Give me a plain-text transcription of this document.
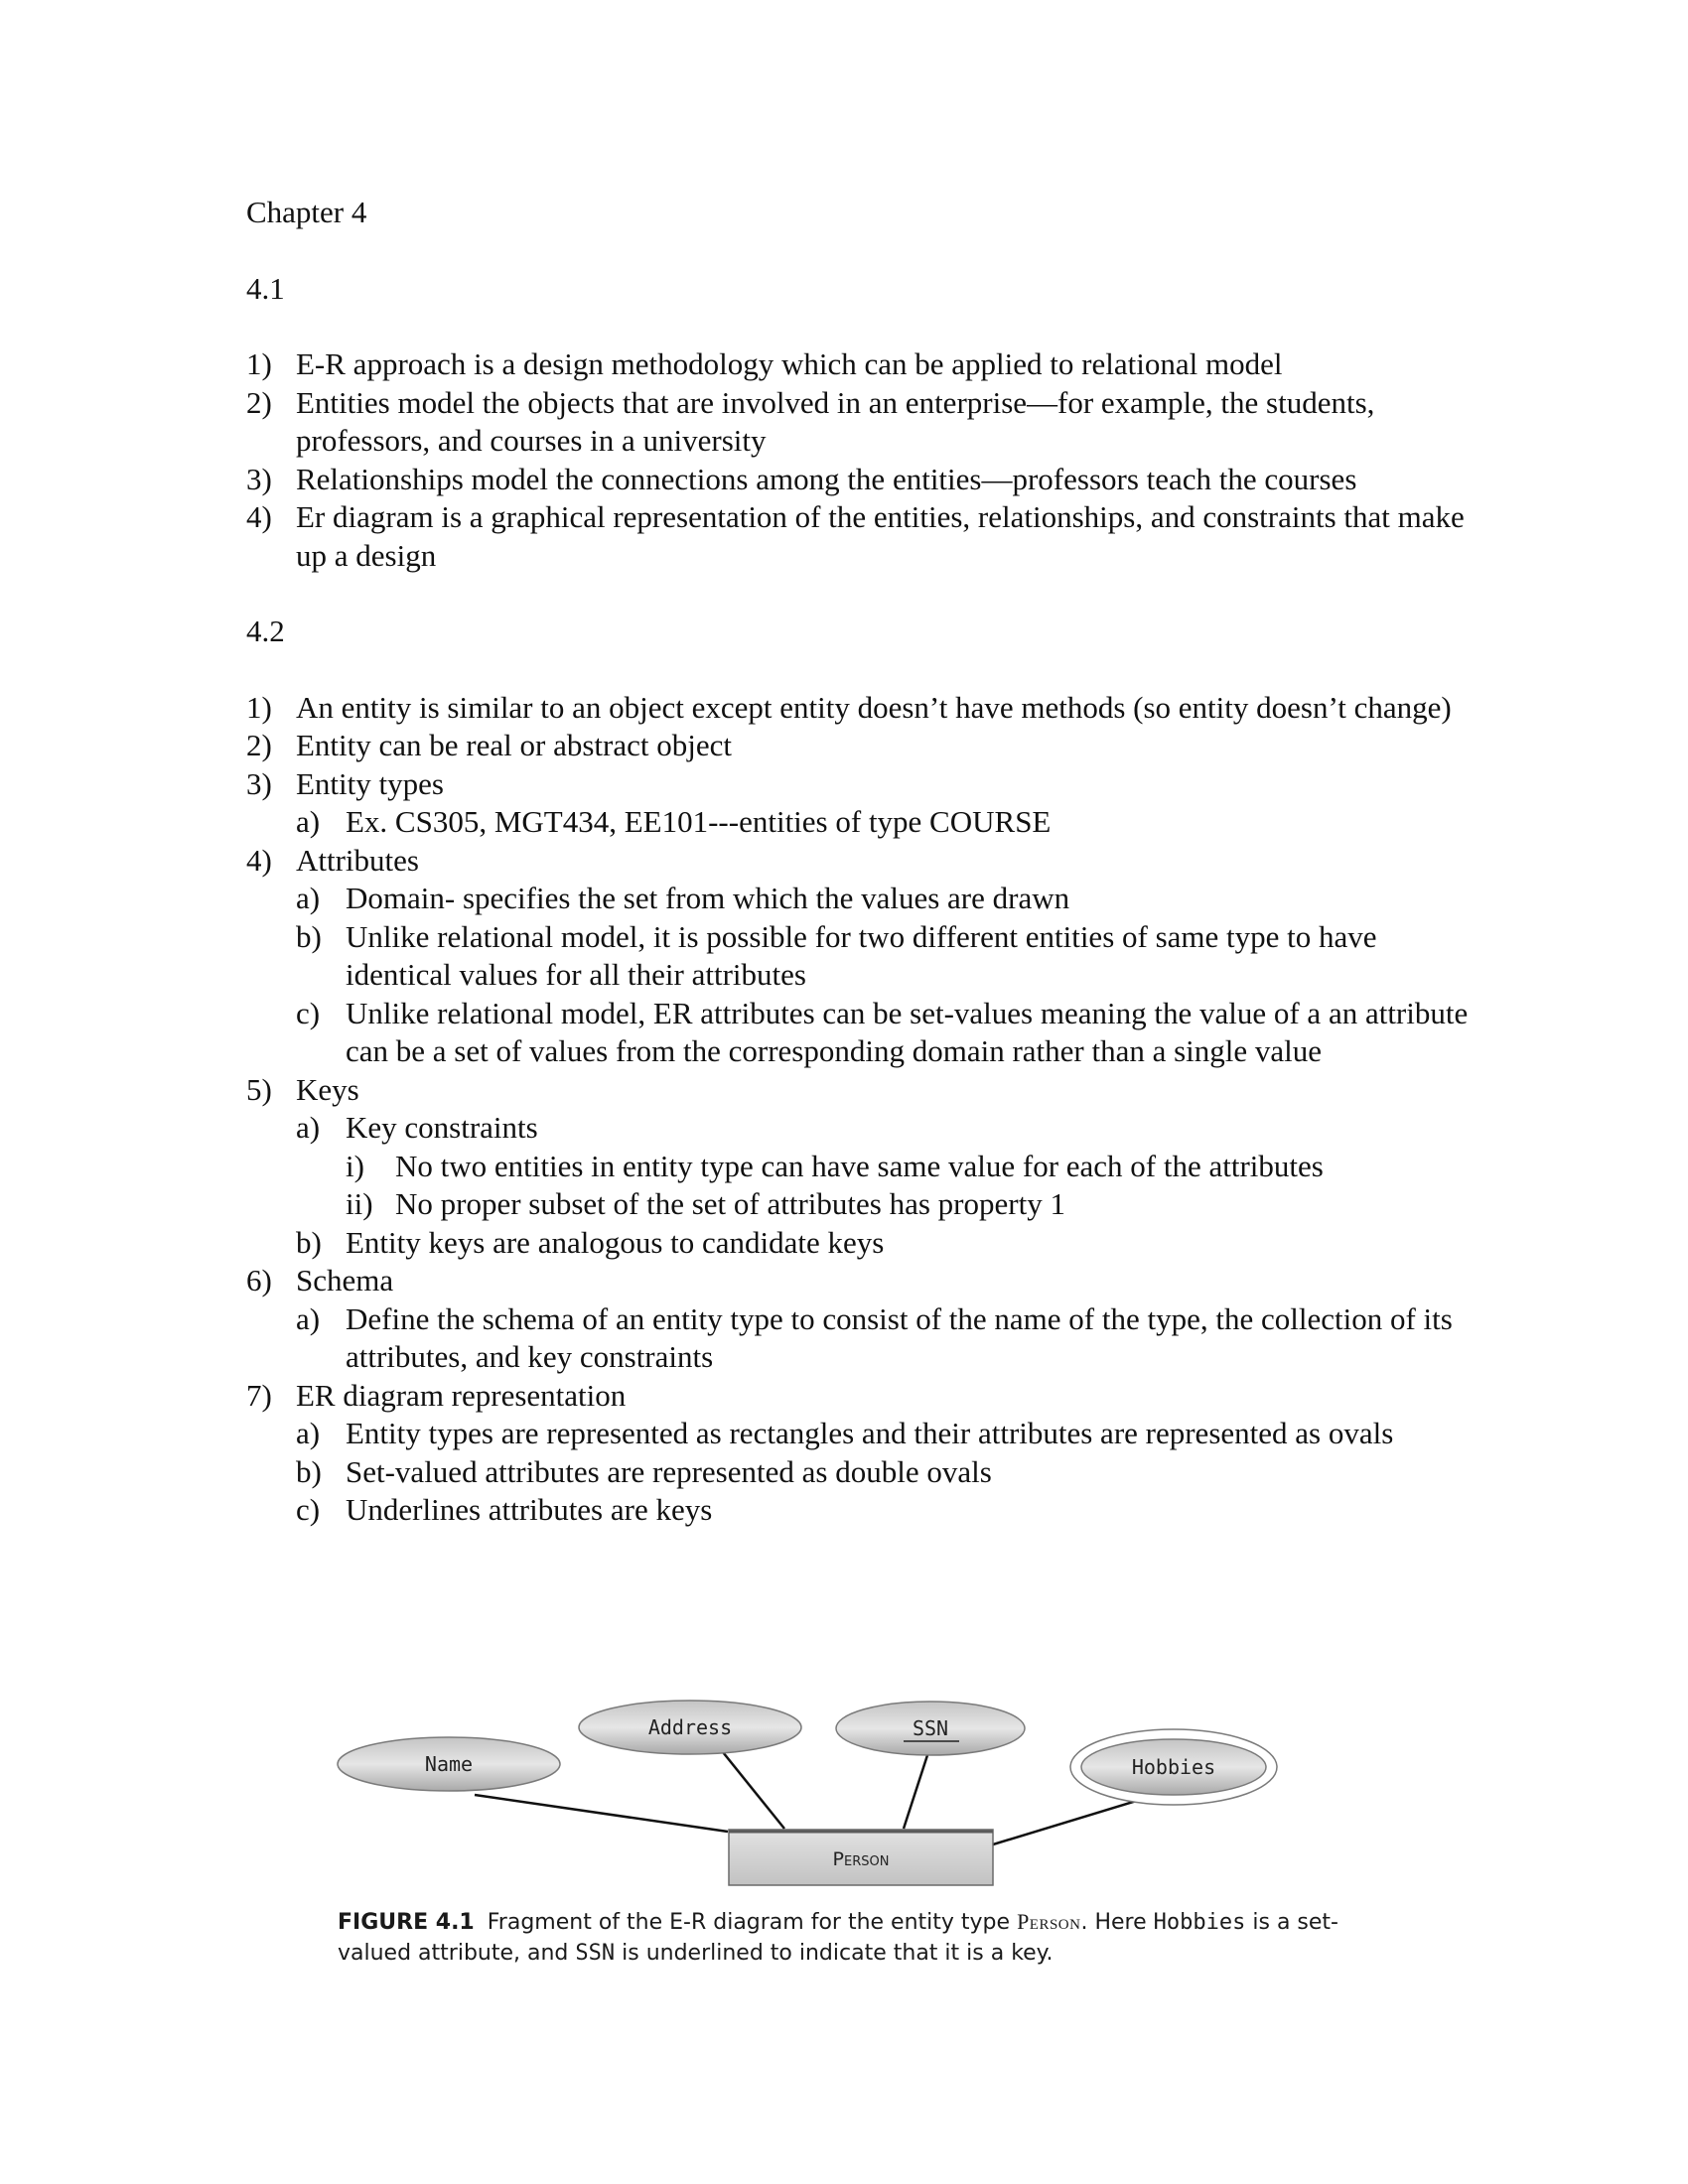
Chapter 4

4.1

1) E-R approach is a design methodology which can be applied to relational model
2) Entities model the objects that are involved in an enterprise—for example, the students, professors, and courses in a university
3) Relationships model the connections among the entities—professors teach the courses
4) Er diagram is a graphical representation of the entities, relationships, and constraints that make up a design

4.2

1) An entity is similar to an object except entity doesn’t have methods (so entity doesn’t change)
2) Entity can be real or abstract object
3) Entity types
a) Ex. CS305, MGT434, EE101---entities of type COURSE
4) Attributes
a) Domain- specifies the set from which the values are drawn
b) Unlike relational model, it is possible for two different entities of same type to have identical values for all their attributes
c) Unlike relational model, ER attributes can be set-values meaning the value of a an attribute can be a set of values from the corresponding domain rather than a single value
5) Keys
a) Key constraints
i) No two entities in entity type can have same value for each of the attributes
ii) No proper subset of the set of attributes has property 1
b) Entity keys are analogous to candidate keys
6) Schema
a) Define the schema of an entity type to consist of the name of the type, the collection of its attributes, and key constraints
7) ER diagram representation
a) Entity types are represented as rectangles and their attributes are represented as ovals
b) Set-valued attributes are represented as double ovals
c) Underlines attributes are keys
Name
Address	SSN
Hobbies
Person
FIGURE 4.1 Fragment of the E-R diagram for the entity type Person. Here Hobbies is a set-valued attribute, and SSN is underlined to indicate that it is a key.
